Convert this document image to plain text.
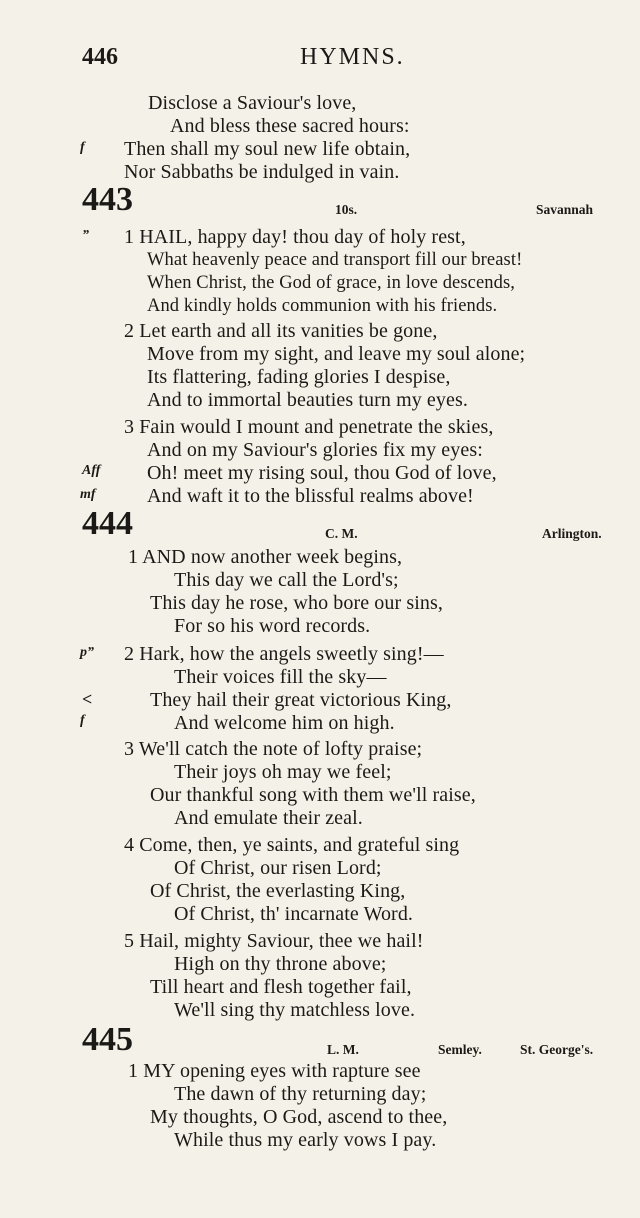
446	HYMNS.
Disclose a Saviour's love,
And bless these sacred hours:
f Then shall my soul new life obtain,
Nor Sabbaths be indulged in vain.
443	10s.	Savannah
” 1 HAIL, happy day! thou day of holy rest,
What heavenly peace and transport fill our breast!
When Christ, the God of grace, in love descends,
And kindly holds communion with his friends.
2 Let earth and all its vanities be gone,
Move from my sight, and leave my soul alone;
Its flattering, fading glories I despise,
And to immortal beauties turn my eyes.
3 Fain would I mount and penetrate the skies,
And on my Saviour's glories fix my eyes:
Aff Oh! meet my rising soul, thou God of love,
mf	And waft it to the blissful realms above!
444	C. M.	Arlington.
1 AND now another week begins,
This day we call the Lord's;
This day he rose, who bore our sins,
For so his word records.
p” 2 Hark, how the angels sweetly sing!—
Their voices fill the sky—
<	They hail their great victorious King,
f	And welcome him on high.
3 We'll catch the note of lofty praise;
Their joys oh may we feel;
Our thankful song with them we'll raise,
And emulate their zeal.
4 Come, then, ye saints, and grateful sing
Of Christ, our risen Lord;
Of Christ, the everlasting King,
Of Christ, th' incarnate Word.
5 Hail, mighty Saviour, thee we hail!
High on thy throne above;
Till heart and flesh together fail,
We'll sing thy matchless love.
445	L. M.	Semley.	St. George's.
1 MY opening eyes with rapture see
The dawn of thy returning day;
My thoughts, O God, ascend to thee,
While thus my early vows I pay.
